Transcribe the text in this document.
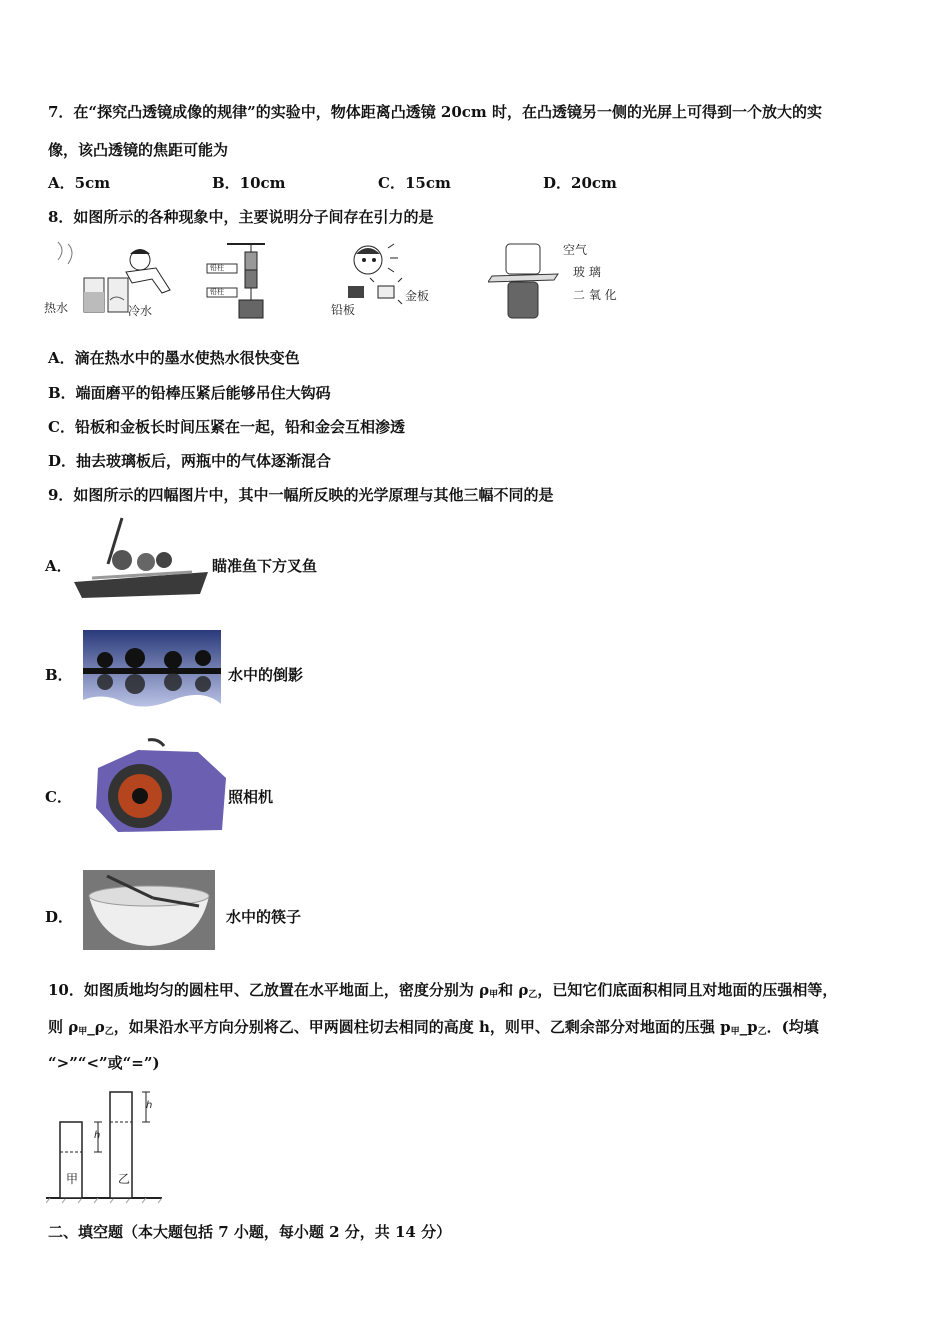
7．在“探究凸透镜成像的规律”的实验中，物体距离凸透镜 20cm 时，在凸透镜另一侧的光屏上可得到一个放大的实
像，该凸透镜的焦距可能为
A．5cm	B．10cm	C．15cm	D．20cm
8．如图所示的各种现象中，主要说明分子间存在引力的是
热水	冷水
铅柱
铅柱
铅板
金板
空气
玻 璃
二 氧 化
A．滴在热水中的墨水使热水很快变色
B．端面磨平的铅棒压紧后能够吊住大钩码
C．铅板和金板长时间压紧在一起，铅和金会互相渗透
D．抽去玻璃板后，两瓶中的气体逐渐混合
9．如图所示的四幅图片中，其中一幅所反映的光学原理与其他三幅不同的是
A．	瞄准鱼下方叉鱼
B．	水中的倒影
C．	照相机
D．	水中的筷子
10．如图质地均匀的圆柱甲、乙放置在水平地面上，密度分别为 $\rho_甲$和 $\rho_乙$，已知它们底面积相同且对地面的压强相等，
则 $\rho_甲\_\rho_乙$，如果沿水平方向分别将乙、甲两圆柱切去相同的高度 h，则甲、乙剩余部分对地面的压强 $p_甲\_p_乙$．(均填
“>”“<”或“=”)
h
h
甲	乙
二、填空题（本大题包括 7 小题，每小题 2 分，共 14 分）
